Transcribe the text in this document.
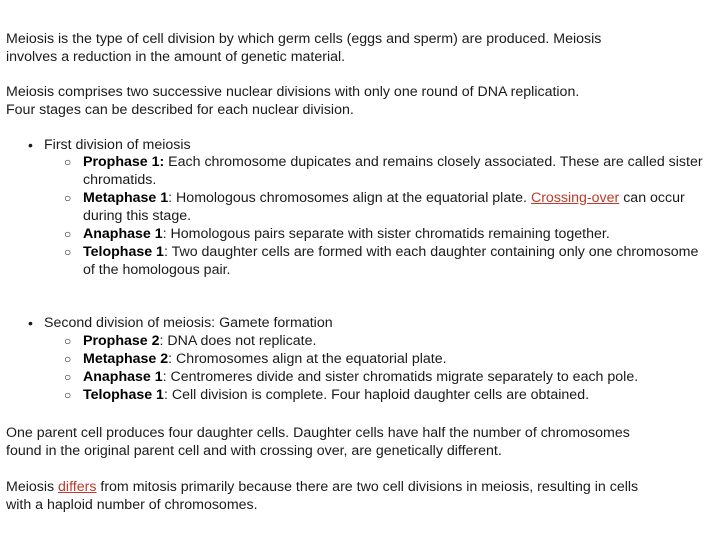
Meiosis is the type of cell division by which germ cells (eggs and sperm) are produced. Meiosis
involves a reduction in the amount of genetic material.

Meiosis comprises two successive nuclear divisions with only one round of DNA replication.
Four stages can be described for each nuclear division.

• First division of meiosis
○ Prophase 1: Each chromosome dupicates and remains closely associated. These are called sister chromatids.
○ Metaphase 1: Homologous chromosomes align at the equatorial plate. Crossing-over can occur during this stage.
○ Anaphase 1: Homologous pairs separate with sister chromatids remaining together.
○ Telophase 1: Two daughter cells are formed with each daughter containing only one chromosome of the homologous pair.
• Second division of meiosis: Gamete formation
○ Prophase 2: DNA does not replicate.
○ Metaphase 2: Chromosomes align at the equatorial plate.
○ Anaphase 1: Centromeres divide and sister chromatids migrate separately to each pole.
○ Telophase 1: Cell division is complete. Four haploid daughter cells are obtained.

One parent cell produces four daughter cells. Daughter cells have half the number of chromosomes
found in the original parent cell and with crossing over, are genetically different.

Meiosis differs from mitosis primarily because there are two cell divisions in meiosis, resulting in cells
with a haploid number of chromosomes.
